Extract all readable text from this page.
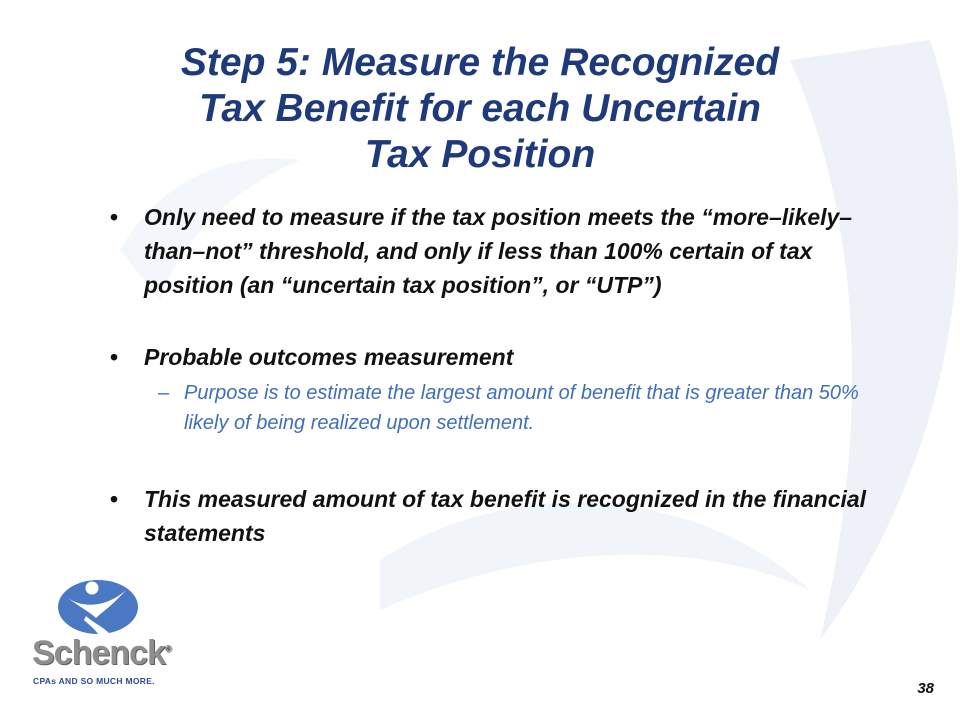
Step 5: Measure the Recognized
Tax Benefit for each Uncertain
Tax Position
• Only need to measure if the tax position meets the “more–likely–than–not” threshold, and only if less than 100% certain of tax position (an “uncertain tax position”, or “UTP”)
• Probable outcomes measurement
– Purpose is to estimate the largest amount of benefit that is greater than 50% likely of being realized upon settlement.
• This measured amount of tax benefit is recognized in the financial statements
Schenck®
CPAs AND SO MUCH MORE.	38
